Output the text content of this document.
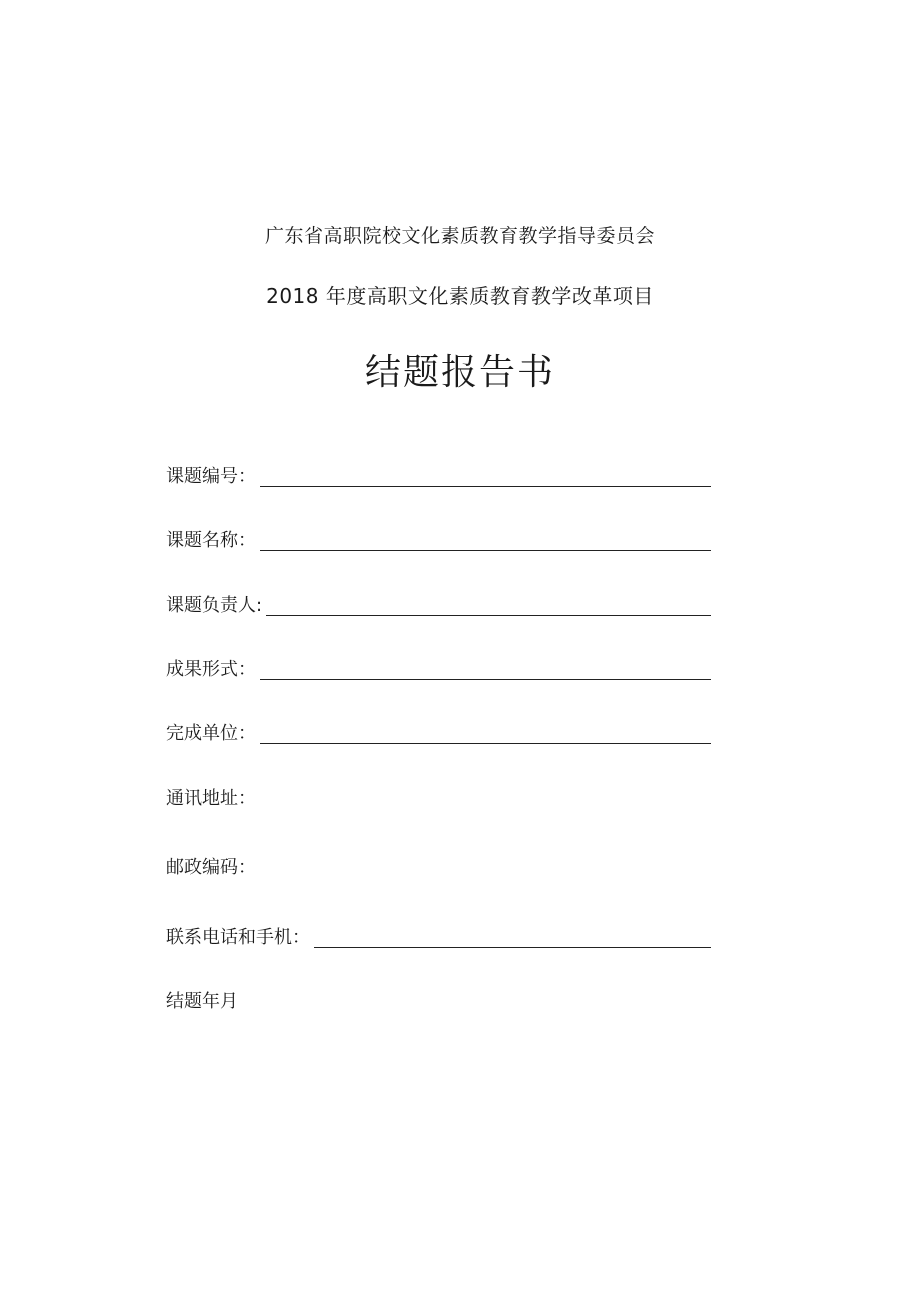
广东省高职院校文化素质教育教学指导委员会
2018 年度高职文化素质教育教学改革项目
结题报告书
课题编号：
课题名称：
课题负责人:
成果形式：
完成单位：
通讯地址：
邮政编码：
联系电话和手机：
结题年月
